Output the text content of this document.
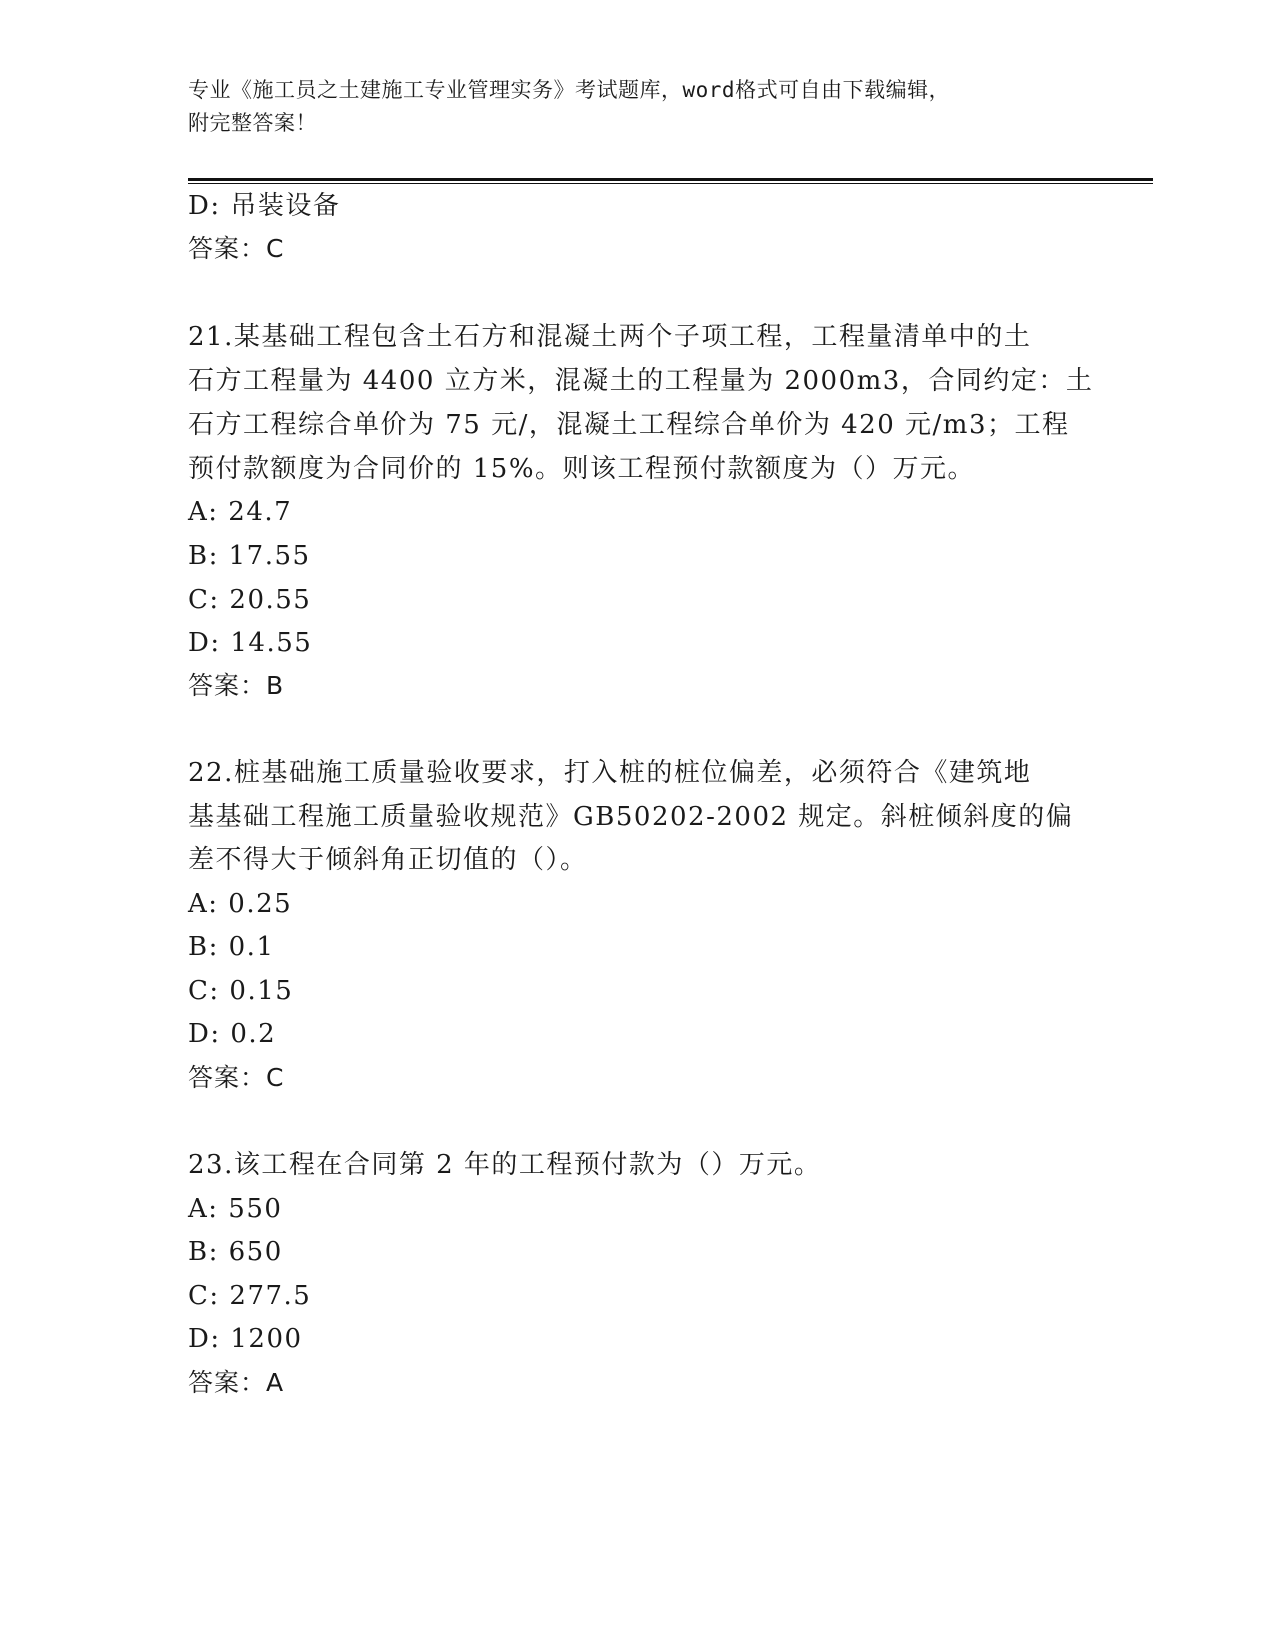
专业《施工员之土建施工专业管理实务》考试题库，word格式可自由下载编辑，
附完整答案！
D: 吊装设备
答案：C
21.某基础工程包含土石方和混凝土两个子项工程，工程量清单中的土
石方工程量为 4400 立方米，混凝土的工程量为 2000m3，合同约定：土
石方工程综合单价为 75 元/，混凝土工程综合单价为 420 元/m3；工程
预付款额度为合同价的 15%。则该工程预付款额度为（）万元。
A: 24.7
B: 17.55
C: 20.55
D: 14.55
答案：B
22.桩基础施工质量验收要求，打入桩的桩位偏差，必须符合《建筑地
基基础工程施工质量验收规范》GB50202-2002 规定。斜桩倾斜度的偏
差不得大于倾斜角正切值的（）。
A: 0.25
B: 0.1
C: 0.15
D: 0.2
答案：C
23.该工程在合同第 2 年的工程预付款为（）万元。
A: 550
B: 650
C: 277.5
D: 1200
答案：A
